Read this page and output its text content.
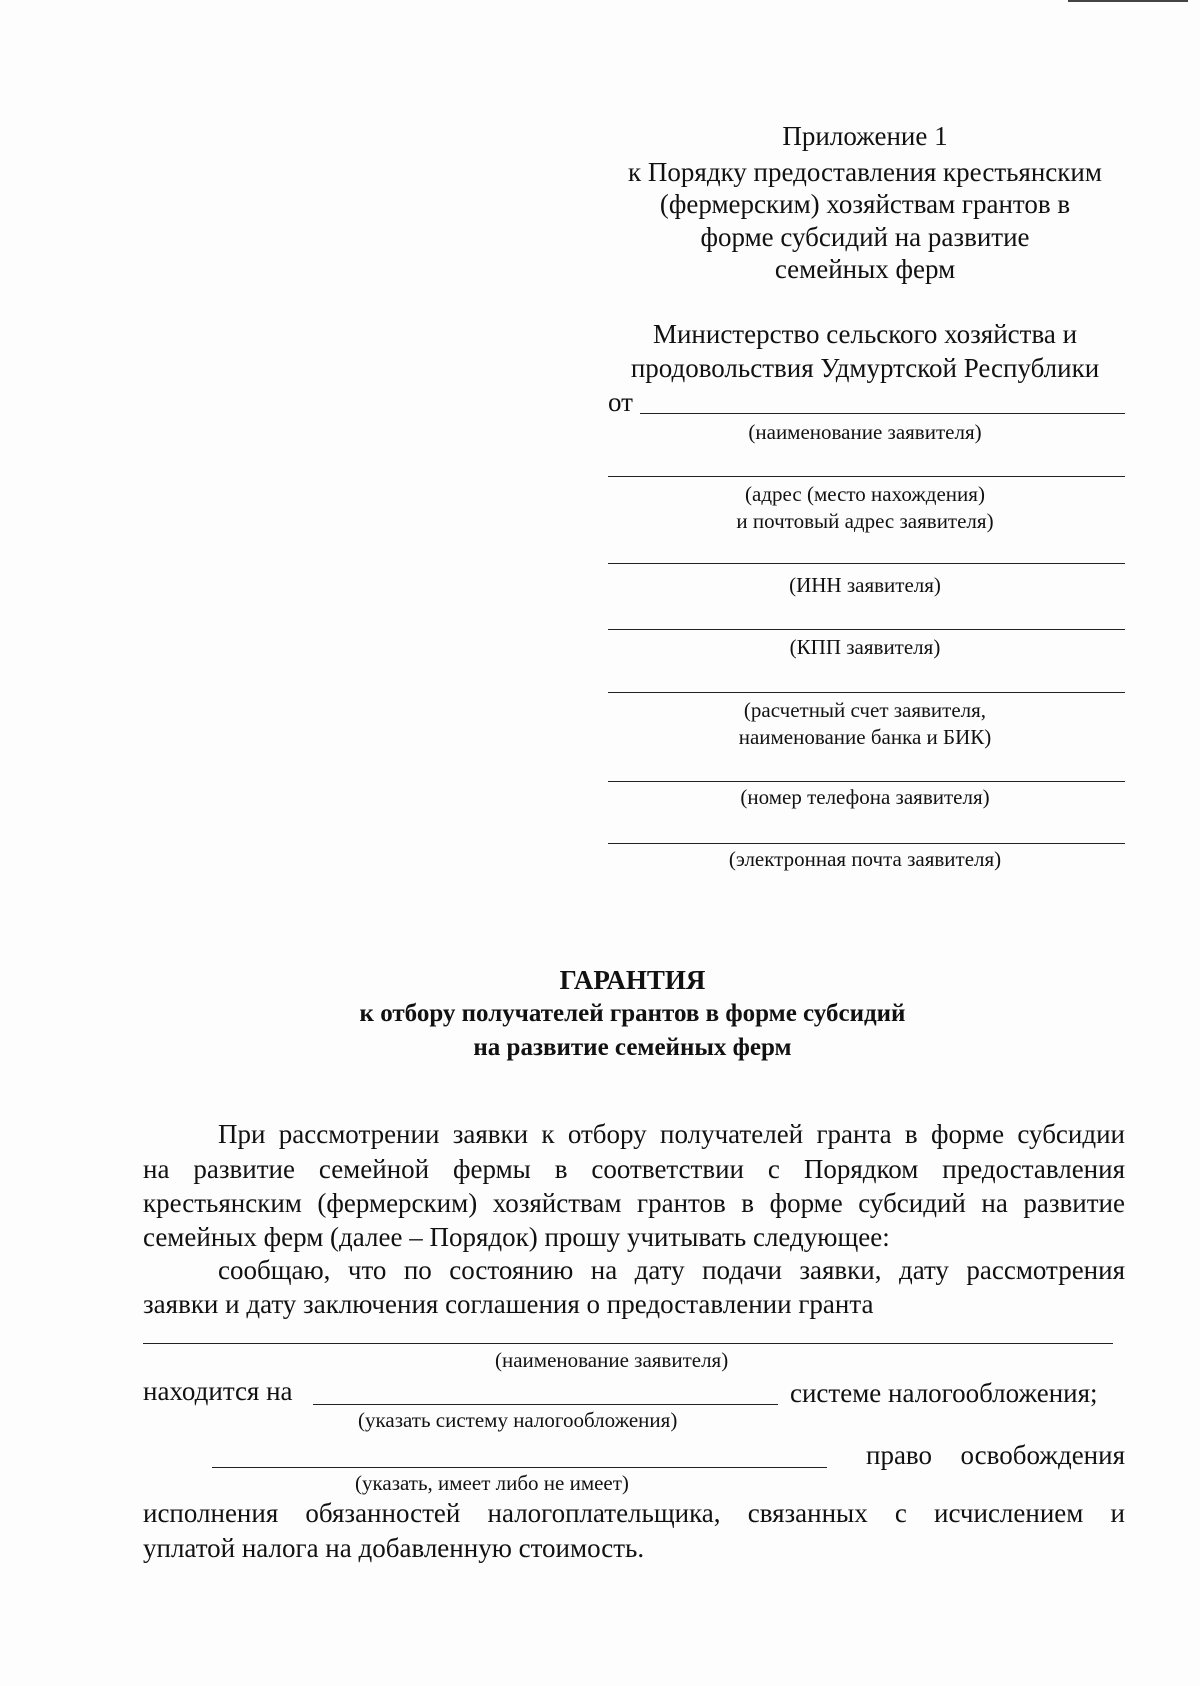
Приложение 1
к Порядку предоставления крестьянским
(фермерским) хозяйствам грантов в
форме субсидий на развитие
семейных ферм
Министерство сельского хозяйства и
продовольствия Удмуртской Республики
от
(наименование заявителя)
(адрес (место нахождения)
и почтовый адрес заявителя)
(ИНН заявителя)
(КПП заявителя)
(расчетный счет заявителя,
наименование банка и БИК)
(номер телефона заявителя)
(электронная почта заявителя)
ГАРАНТИЯ
к отбору получателей грантов в форме субсидий
на развитие семейных ферм
При рассмотрении заявки к отбору получателей гранта в форме субсидии
на развитие семейной фермы в соответствии с Порядком предоставления
крестьянским (фермерским) хозяйствам грантов в форме субсидий на развитие
семейных ферм (далее – Порядок) прошу учитывать следующее:
сообщаю, что по состоянию на дату подачи заявки, дату рассмотрения
заявки и дату заключения соглашения о предоставлении гранта
(наименование заявителя)
находится на	системе налогообложения;
(указать систему налогообложения)
право освобождения
(указать, имеет либо не имеет)
исполнения обязанностей налогоплательщика, связанных с исчислением и
уплатой налога на добавленную стоимость.
